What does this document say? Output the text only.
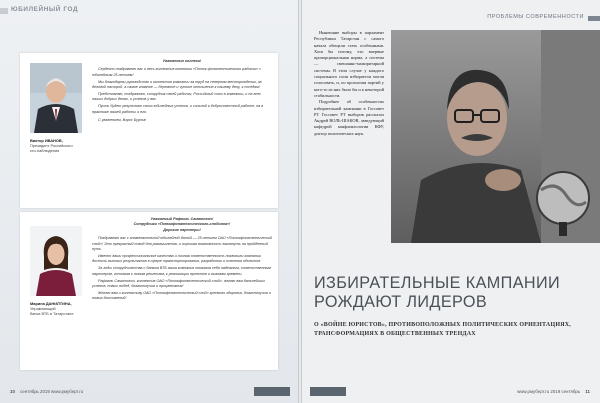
ЮБИЛЕЙНЫЙ ГОД
Виктор ИВАНОВ,
Президент Российского
гео-наблюдения
Уважаемые коллеги!

Сердечно поздравляю вас и весь коллектив компании «Поток фонатехнического работы» с юбилейным 25-летием!

Мы благодарны руководство и коллектив компании за труд на северном месторождении, за деловой настрой, а самое главное — бережное и чуткое отношение к нашему делу, к соседям!

Представляю, поздравляю, сотрудник своей работы, Российский союз в компании, и на всех наших добрых делах, и успехов у вас.

Пусть будет результат своих юбилейных успехов, и сильной к добросовестной работе, на в практике вашей работы и его.

С уважением, Взрос Бурта!

Марина ДАНИЛТИНА,
Управляющий
банка ВТБ в Татарстане
Уважаемый Рафаэль Саматович!
Сотрудники «Потокфонатехнического-слобовоа»!
Дорогие партнеры!

Поздравляю вас с знаменательной юбилейной датой — 25-летием ОАО «Потокфонатехнический слой»! Это прекрасный повод для размышления, и хорошая возможность взглянуть на пройденный путь.

Именно ваши профессиональные качества и личная ответственность позволили компании достичь высоких результатов в сфере транспортирования, разработок и освоения объектов.

За годы сотрудничества с банком ВТБ ваша компания показала себя надежным, ответственным партнером, готовым к новым решениям, к реализации проектов и вызовам времени.

Рафаэль Саматович, коллектив ОАО «Потокфонатехнический слой», желаю вам дальнейших успехов, новых побед, благополучия и процветания!

Желаю вам и коллективу ОАО «Потокфонатехнический слой» крепкого здоровья, благополучия и новых достижений!

10 сентябрь 2019 www.рмуберт.ru
ПРОБЛЕМЫ СОВРЕМЕННОСТИ

Нынешние выборы в парламент Республики Татарстан с самого начала обещали стать особенными. Хотя бы потому, что впервые пропорциональная норма, а система — смешанно-мажоритарной системы. В этом случае у каждого социального поля избиратели могли голосовать, и, по прогнозам партий у кого-то из них было бы и к некоторой стабильности.

Подробнее об особенностях избирательной кампании в Госсовет РТ Госсовет РТ выборов рассказал Андрей ВОЛЬ-ШАКОВ, заведующий кафедрой конфликтологии КФУ, доктор политических наук.

ИЗБИРАТЕЛЬНЫЕ КАМПАНИИ
РОЖДАЮТ ЛИДЕРОВ
О «ВОЙНЕ ЮРИСТОВ», ПРОТИВОПОЛОЖНЫХ ПОЛИТИЧЕСКИХ ОРИЕНТАЦИЯХ, ТРАНСФОРМАЦИЯХ В ОБЩЕСТВЕННЫХ ТРЕНДАХ
www.рмуберт.ru 2019 сентябрь 11
